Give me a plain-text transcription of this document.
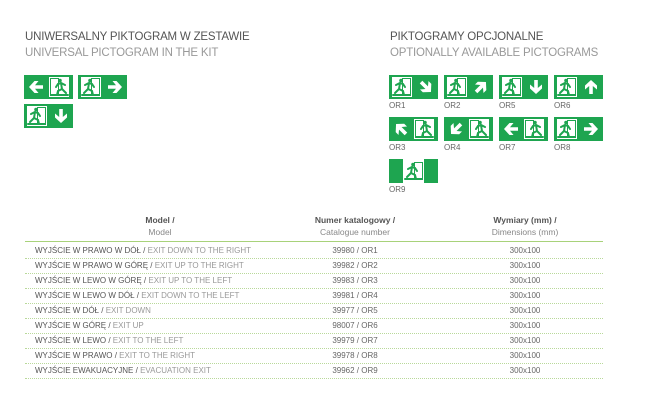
UNIWERSALNY PIKTOGRAM W ZESTAWIE
UNIVERSAL PICTOGRAM IN THE KIT
PIKTOGRAMY OPCJONALNE
OPTIONALLY AVAILABLE PICTOGRAMS
OR1	OR2	OR5	OR6
OR3	OR4	OR7	OR8
OR9
Model /
Model
Numer katalogowy /
Catalogue number
Wymiary (mm) /
Dimensions (mm)
WYJŚCIE W PRAWO W DÓŁ / EXIT DOWN TO THE RIGHT	39980 / OR1	300x100
WYJŚCIE W PRAWO W GÓRĘ / EXIT UP TO THE RIGHT	39982 / OR2	300x100
WYJŚCIE W LEWO W GÓRĘ / EXIT UP TO THE LEFT	39983 / OR3	300x100
WYJŚCIE W LEWO W DÓŁ / EXIT DOWN TO THE LEFT	39981 / OR4	300x100
WYJŚCIE W DÓŁ / EXIT DOWN	39977 / OR5	300x100
WYJŚCIE W GÓRĘ / EXIT UP	98007 / OR6	300x100
WYJŚCIE W LEWO / EXIT TO THE LEFT	39979 / OR7	300x100
WYJŚCIE W PRAWO / EXIT TO THE RIGHT	39978 / OR8	300x100
WYJŚCIE EWAKUACYJNE / EVACUATION EXIT	39962 / OR9	300x100
